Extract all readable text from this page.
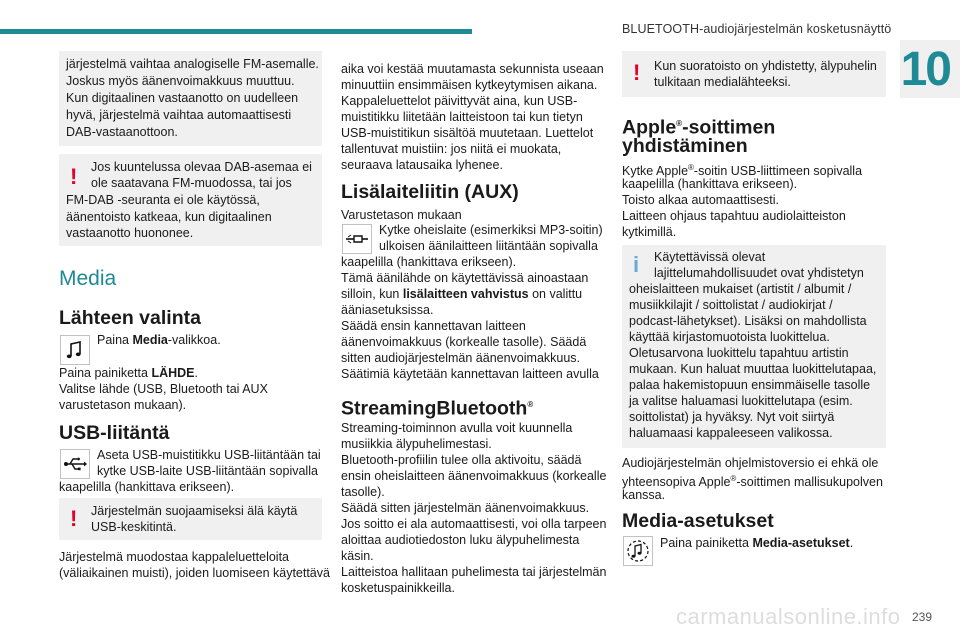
BLUETOOTH-audiojärjestelmän kosketusnäyttö
10
järjestelmä vaihtaa analogiselle FM-asemalle.
Joskus myös äänenvoimakkuus muuttuu.
Kun digitaalinen vastaanotto on uudelleen
hyvä, järjestelmä vaihtaa automaattisesti
DAB-vastaanottoon.
! Jos kuuntelussa olevaa DAB-asemaa ei
ole saatavana FM-muodossa, tai jos
FM-DAB -seuranta ei ole käytössä,
äänentoisto katkeaa, kun digitaalinen
vastaanotto huononee.
Media
Lähteen valinta
Paina Media-valikkoa.
Paina painiketta LÄHDE.
Valitse lähde (USB, Bluetooth tai AUX
varustetason mukaan).
USB-liitäntä
Aseta USB-muistitikku USB-liitäntään tai
kytke USB-laite USB-liitäntään sopivalla
kaapelilla (hankittava erikseen).
! Järjestelmän suojaamiseksi älä käytä
USB-keskitintä.
Järjestelmä muodostaa kappaleluetteloita
(väliaikainen muisti), joiden luomiseen käytettävä
aika voi kestää muutamasta sekunnista useaan
minuuttiin ensimmäisen kytkeytymisen aikana.
Kappaleluettelot päivittyvät aina, kun USB-
muistitikku liitetään laitteistoon tai kun tietyn
USB-muistitikun sisältöä muutetaan. Luettelot
tallentuvat muistiin: jos niitä ei muokata,
seuraava latausaika lyhenee.
Lisälaiteliitin (AUX)
Varustetason mukaan
Kytke oheislaite (esimerkiksi MP3-soitin)
ulkoisen äänilaitteen liitäntään sopivalla
kaapelilla (hankittava erikseen).
Tämä äänilähde on käytettävissä ainoastaan
silloin, kun lisälaitteen vahvistus on valittu
ääniasetuksissa.
Säädä ensin kannettavan laitteen
äänenvoimakkuus (korkealle tasolle). Säädä
sitten audiojärjestelmän äänenvoimakkuus.
Säätimiä käytetään kannettavan laitteen avulla
StreamingBluetooth®
Streaming-toiminnon avulla voit kuunnella
musiikkia älypuhelimestasi.
Bluetooth-profiilin tulee olla aktivoitu, säädä
ensin oheislaitteen äänenvoimakkuus (korkealle
tasolle).
Säädä sitten järjestelmän äänenvoimakkuus.
Jos soitto ei ala automaattisesti, voi olla tarpeen
aloittaa audiotiedoston luku älypuhelimesta
käsin.
Laitteistoa hallitaan puhelimesta tai järjestelmän
kosketuspainikkeilla.
! Kun suoratoisto on yhdistetty, älypuhelin
tulkitaan medialähteeksi.
Apple®-soittimen
yhdistäminen
Kytke Apple®-soitin USB-liittimeen sopivalla
kaapelilla (hankittava erikseen).
Toisto alkaa automaattisesti.
Laitteen ohjaus tapahtuu audiolaitteiston
kytkimillä.
i Käytettävissä olevat
lajittelumahdollisuudet ovat yhdistetyn
oheislaitteen mukaiset (artistit / albumit /
musiikkilajit / soittolistat / audiokirjat /
podcast-lähetykset). Lisäksi on mahdollista
käyttää kirjastomuotoista luokittelua.
Oletusarvona luokittelu tapahtuu artistin
mukaan. Kun haluat muuttaa luokittelutapaa,
palaa hakemistopuun ensimmäiselle tasolle
ja valitse haluamasi luokittelutapa (esim.
soittolistat) ja hyväksy. Nyt voit siirtyä
haluamaasi kappaleeseen valikossa.
Audiojärjestelmän ohjelmistoversio ei ehkä ole
yhteensopiva Apple®-soittimen mallisukupolven
kanssa.
Media-asetukset
Paina painiketta Media-asetukset.
carmanualsonline.info 239
